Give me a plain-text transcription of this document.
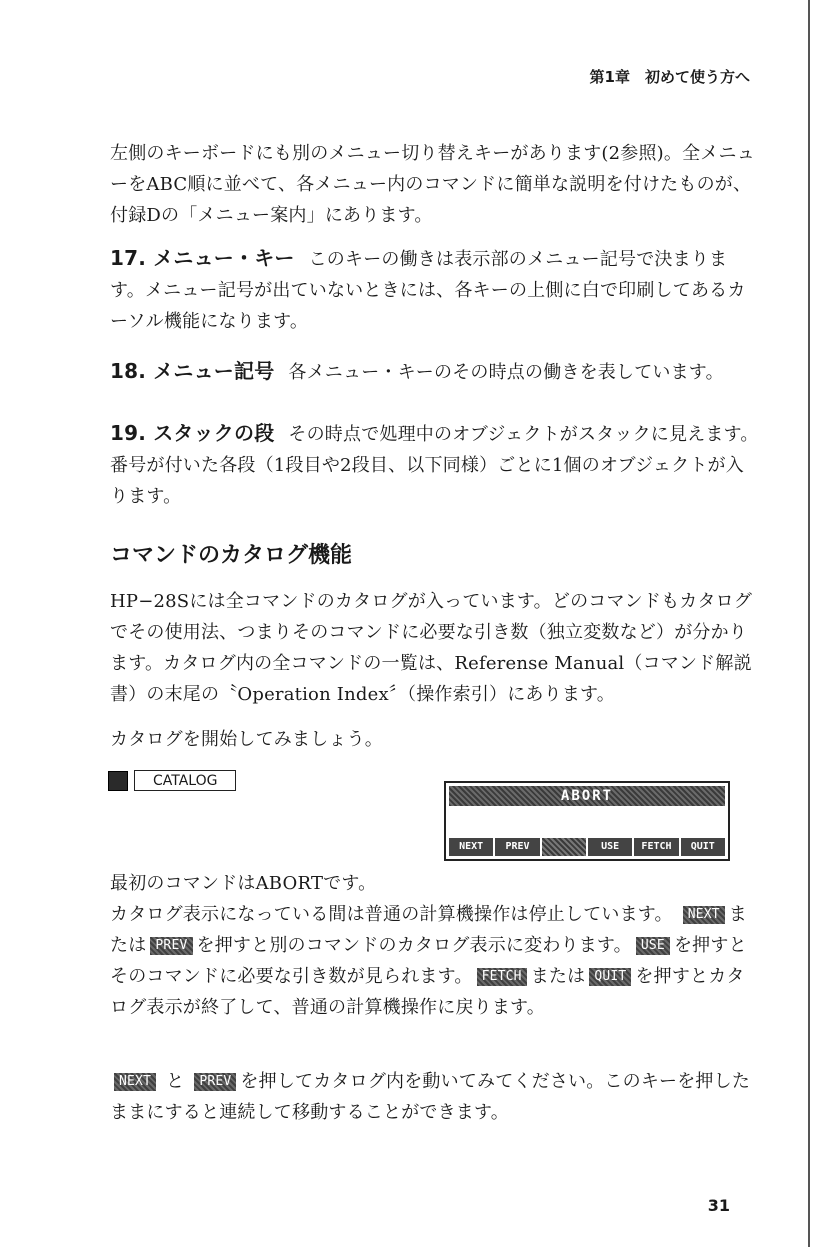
第1章　初めて使う方へ

左側のキーボードにも別のメニュー切り替えキーがあります(2参照)。全メニューをABC順に並べて、各メニュー内のコマンドに簡単な説明を付けたものが、付録Dの「メニュー案内」にあります。

17. メニュー・キー このキーの働きは表示部のメニュー記号で決まります。メニュー記号が出ていないときには、各キーの上側に白で印刷してあるカーソル機能になります。

18. メニュー記号 各メニュー・キーのその時点の働きを表しています。

19. スタックの段 その時点で処理中のオブジェクトがスタックに見えます。番号が付いた各段（1段目や2段目、以下同様）ごとに1個のオブジェクトが入ります。

コマンドのカタログ機能

HP−28Sには全コマンドのカタログが入っています。どのコマンドもカタログでその使用法、つまりそのコマンドに必要な引き数（独立変数など）が分かります。カタログ内の全コマンドの一覧は、Referense Manual（コマンド解説書）の末尾の〝Operation Index〞（操作索引）にあります。

カタログを開始してみましょう。

CATALOG
ABORT
NEXT	PREV	USE	FETCH	QUIT

最初のコマンドはABORTです。

カタログ表示になっている間は普通の計算機操作は停止しています。 NEXT または PREV を押すと別のコマンドのカタログ表示に変わります。 USE を押すとそのコマンドに必要な引き数が見られます。 FETCH または QUIT を押すとカタログ表示が終了して、普通の計算機操作に戻ります。

NEXT と PREV を押してカタログ内を動いてみてください。このキーを押したままにすると連続して移動することができます。

31
